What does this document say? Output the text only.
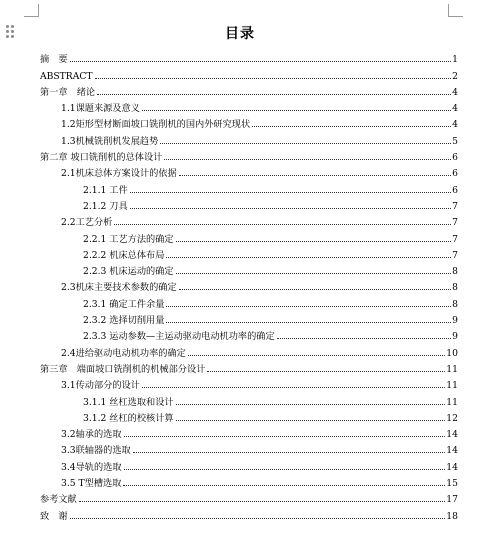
目录
摘　要	1
ABSTRACT	2
第一章　绪论	4
1.1课题来源及意义	4
1.2矩形型材断面坡口铣削机的国内外研究现状	4
1.3机械铣削机发展趋势	5
第二章 坡口铣削机的总体设计	6
2.1机床总体方案设计的依据	6
2.1.1 工件	6
2.1.2 刀具	7
2.2工艺分析	7
2.2.1 工艺方法的确定	7
2.2.2 机床总体布局	7
2.2.3 机床运动的确定	8
2.3机床主要技术参数的确定	8
2.3.1 确定工件余量	8
2.3.2 选择切削用量	9
2.3.3 运动参数—主运动驱动电动机功率的确定	9
2.4进给驱动电动机功率的确定	10
第三章　端面坡口铣削机的机械部分设计	11
3.1传动部分的设计	11
3.1.1 丝杠选取和设计	11
3.1.2 丝杠的校核计算	12
3.2轴承的选取	14
3.3联轴器的选取	14
3.4导轨的选取	14
3.5 T型槽选取	15
参考文献	17
致　谢	18
